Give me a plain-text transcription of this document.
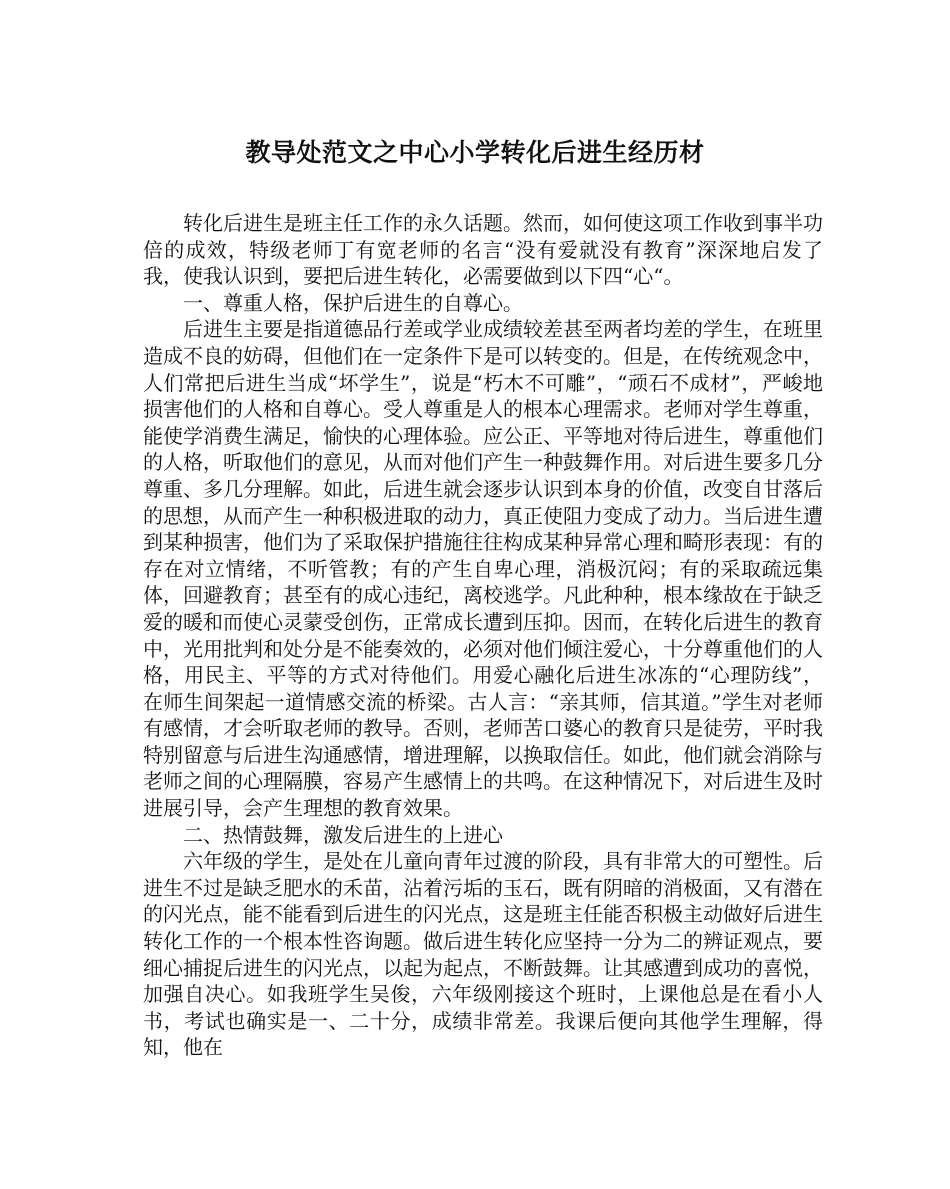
教导处范文之中心小学转化后进生经历材

转化后进生是班主任工作的永久话题。然而，如何使这项工作收到事半功倍的成效，特级老师丁有宽老师的名言“没有爱就没有教育”深深地启发了我，使我认识到，要把后进生转化，必需要做到以下四“心“。

一、尊重人格，保护后进生的自尊心。

后进生主要是指道德品行差或学业成绩较差甚至两者均差的学生，在班里造成不良的妨碍，但他们在一定条件下是可以转变的。但是，在传统观念中，人们常把后进生当成“坏学生”，说是“朽木不可雕”，“顽石不成材”，严峻地损害他们的人格和自尊心。受人尊重是人的根本心理需求。老师对学生尊重，能使学消费生满足，愉快的心理体验。应公正、平等地对待后进生，尊重他们的人格，听取他们的意见，从而对他们产生一种鼓舞作用。对后进生要多几分尊重、多几分理解。如此，后进生就会逐步认识到本身的价值，改变自甘落后的思想，从而产生一种积极进取的动力，真正使阻力变成了动力。当后进生遭到某种损害，他们为了采取保护措施往往构成某种异常心理和畸形表现：有的存在对立情绪，不听管教；有的产生自卑心理，消极沉闷；有的采取疏远集体，回避教育；甚至有的成心违纪，离校逃学。凡此种种，根本缘故在于缺乏爱的暖和而使心灵蒙受创伤，正常成长遭到压抑。因而，在转化后进生的教育中，光用批判和处分是不能奏效的，必须对他们倾注爱心，十分尊重他们的人格，用民主、平等的方式对待他们。用爱心融化后进生冰冻的“心理防线”，在师生间架起一道情感交流的桥梁。古人言：“亲其师，信其道。”学生对老师有感情，才会听取老师的教导。否则，老师苦口婆心的教育只是徒劳，平时我特别留意与后进生沟通感情，增进理解，以换取信任。如此，他们就会消除与老师之间的心理隔膜，容易产生感情上的共鸣。在这种情况下，对后进生及时进展引导，会产生理想的教育效果。

二、热情鼓舞，激发后进生的上进心

六年级的学生，是处在儿童向青年过渡的阶段，具有非常大的可塑性。后进生不过是缺乏肥水的禾苗，沾着污垢的玉石，既有阴暗的消极面，又有潜在的闪光点，能不能看到后进生的闪光点，这是班主任能否积极主动做好后进生转化工作的一个根本性咨询题。做后进生转化应坚持一分为二的辨证观点，要细心捕捉后进生的闪光点，以起为起点，不断鼓舞。让其感遭到成功的喜悦，加强自决心。如我班学生吴俊，六年级刚接这个班时，上课他总是在看小人书，考试也确实是一、二十分，成绩非常差。我课后便向其他学生理解，得知，他在
